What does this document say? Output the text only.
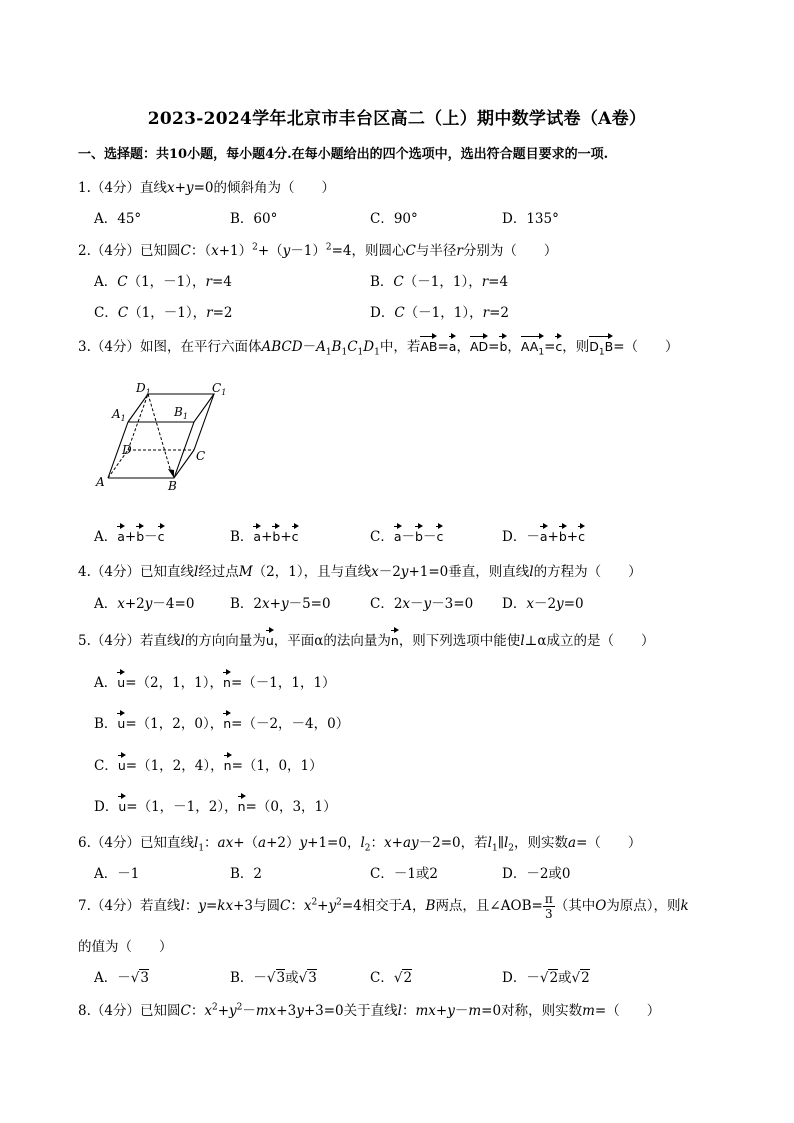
2023-2024学年北京市丰台区高二（上）期中数学试卷（A卷）
一、选择题：共10小题，每小题4分.在每小题给出的四个选项中，选出符合题目要求的一项.
1.（4分）直线x+y=0的倾斜角为（　　）
A．45°	B．60°	C．90°	D．135°
2.（4分）已知圆C：$(x+1)^2+(y-1)^2=4$，则圆心C与半径r分别为（　　）
A．C（1，－1），r=4	B．C（－1，1），r=4
C．C（1，－1），r=2	D．C（－1，1），r=2
3.（4分）如图，在平行六面体$ABCD-A_1B_1C_1D_1$中，若AB=a，AD=b，$AA_1=c$，则$D_1B=$（　　）
$D_1$	$C_1$
$A_1$	$B_1$
D	C
A	B
A．a+b－c	B．a+b+c	C．a－b－c	D．－a+b+c
4.（4分）已知直线l经过点M（2，1），且与直线x－2y+1=0垂直，则直线l的方程为（　　）
A．x+2y－4=0	B．2x+y－5=0	C．2x－y－3=0 D．x－2y=0
5.（4分）若直线l的方向向量为u，平面α的法向量为n，则下列选项中能使l⊥α成立的是（　　）
A．u=（2，1，1），n=（－1，1，1）
B．u=（1，2，0），n=（－2，－4，0）
C．u=（1，2，4），n=（1，0，1）
D．u=（1，－1，2），n=（0，3，1）
6.（4分）已知直线$l_1$：ax+（a+2）y+1=0，$l_2$：x+ay－2=0，若$l_1\parallel l_2$，则实数a=（　　）
A．－1	B．2	C．－1或2	D．－2或0
7.（4分）若直线l：y=kx+3与圆C：$x^2+y^2=4$相交于A，B两点，且∠AOB= $\frac{\pi}{3}$ （其中O为原点），则k
的值为（　　）
A．－√3	B．－√3或√3	C．√2	D．－√2或√2
8.（4分）已知圆C：$x^2+y^2-mx+3y+3=0$关于直线l：mx+y－m=0对称，则实数m=（　　）
